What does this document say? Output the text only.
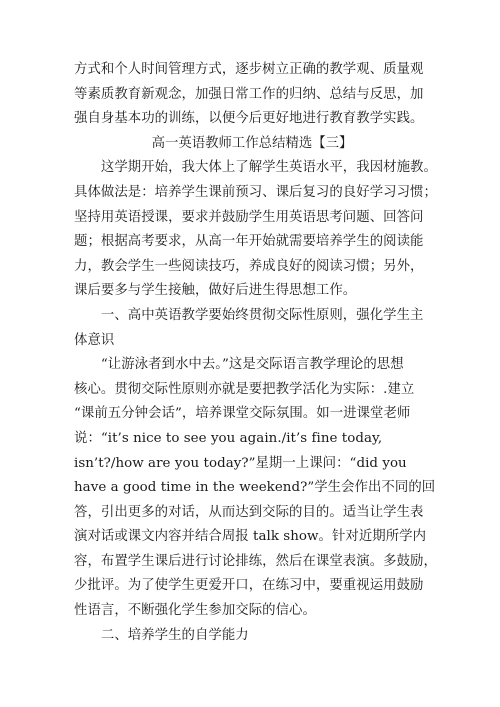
方式和个人时间管理方式，逐步树立正确的教学观、质量观

等素质教育新观念，加强日常工作的归纳、总结与反思，加

强自身基本功的训练，以便今后更好地进行教育教学实践。

高一英语教师工作总结精选【三】

　　这学期开始，我大体上了解学生英语水平，我因材施教。

具体做法是：培养学生课前预习、课后复习的良好学习习惯；

坚持用英语授课，要求并鼓励学生用英语思考问题、回答问

题；根据高考要求，从高一年开始就需要培养学生的阅读能

力，教会学生一些阅读技巧，养成良好的阅读习惯；另外，

课后要多与学生接触，做好后进生得思想工作。

　　一、高中英语教学要始终贯彻交际性原则，强化学生主

体意识

　　“让游泳者到水中去。”这是交际语言教学理论的思想

核心。贯彻交际性原则亦就是要把教学活化为实际：.建立

“课前五分钟会话”，培养课堂交际氛围。如一进课堂老师

说：“it’s nice to see you again./it’s fine today,

isn’t?/how are you today?”星期一上课问：“did you

have a good time in the weekend?”学生会作出不同的回

答，引出更多的对话，从而达到交际的目的。适当让学生表

演对话或课文内容并结合周报 talk show。针对近期所学内

容，布置学生课后进行讨论排练，然后在课堂表演。多鼓励，

少批评。为了使学生更爱开口，在练习中，要重视运用鼓励

性语言，不断强化学生参加交际的信心。

　　二、培养学生的自学能力
